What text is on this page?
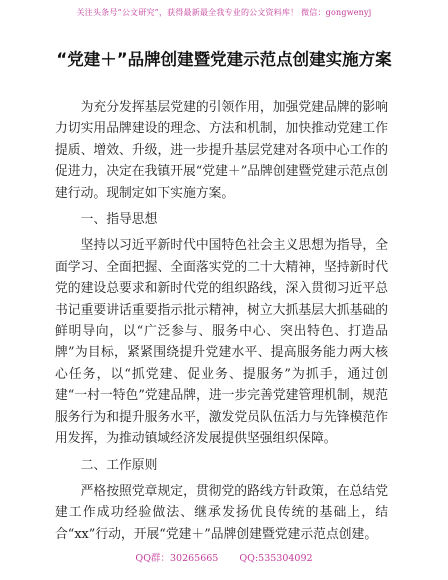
关注头条号“公文研究”，获得最新最全我专业的公文资料库！ 微信：gongwenyj
“党建＋”品牌创建暨党建示范点创建实施方案

为充分发挥基层党建的引领作用，加强党建品牌的影响力切实用品牌建设的理念、方法和机制，加快推动党建工作提质、增效、升级，进一步提升基层党建对各项中心工作的促进力，决定在我镇开展“党建＋”品牌创建暨党建示范点创建行动。现制定如下实施方案。

一、指导思想

坚持以习近平新时代中国特色社会主义思想为指导，全面学习、全面把握、全面落实党的二十大精神，坚持新时代党的建设总要求和新时代党的组织路线，深入贯彻习近平总书记重要讲话重要指示批示精神，树立大抓基层大抓基础的鲜明导向，以“广泛参与、服务中心、突出特色、打造品牌”为目标，紧紧围绕提升党建水平、提高服务能力两大核心任务，以“抓党建、促业务、提服务”为抓手，通过创建“一村一特色”党建品牌，进一步完善党建管理机制，规范服务行为和提升服务水平，激发党员队伍活力与先锋模范作用发挥，为推动镇域经济发展提供坚强组织保障。

二、工作原则

严格按照党章规定，贯彻党的路线方针政策，在总结党建工作成功经验做法、继承发扬优良传统的基础上，结合“xx”行动，开展“党建＋”品牌创建暨党建示范点创建。

QQ群：30265665 QQ:535304092
